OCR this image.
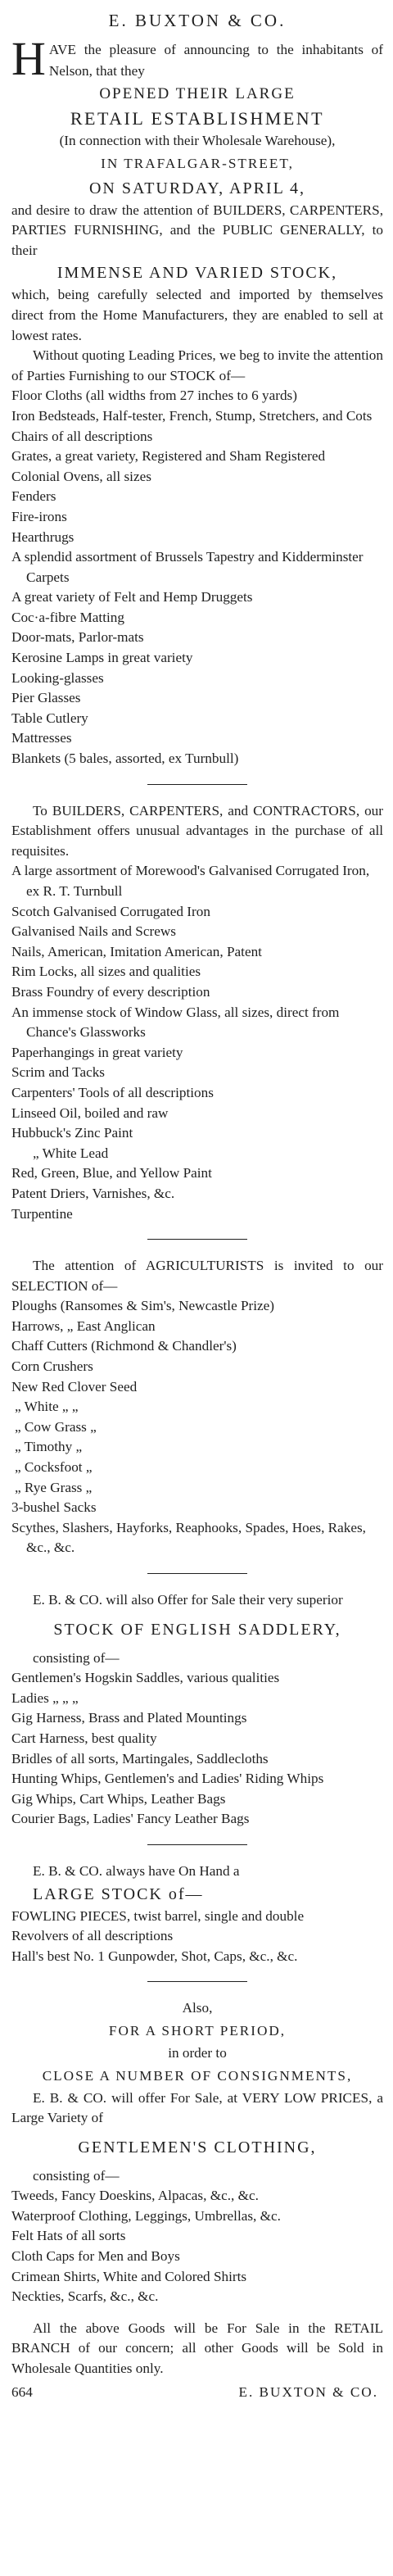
E. BUXTON & CO.
H AVE the pleasure of announcing to the inhabitants of Nelson, that they
OPENED THEIR LARGE
RETAIL ESTABLISHMENT
(In connection with their Wholesale Warehouse),
IN TRAFALGAR-STREET,
ON SATURDAY, APRIL 4,
and desire to draw the attention of BUILDERS, CARPENTERS, PARTIES FURNISHING, and the PUBLIC GENERALLY, to their
IMMENSE AND VARIED STOCK,
which, being carefully selected and imported by themselves direct from the Home Manufacturers, they are enabled to sell at lowest rates.
Without quoting Leading Prices, we beg to invite the attention of Parties Furnishing to our STOCK of—
Floor Cloths (all widths from 27 inches to 6 yards)
Iron Bedsteads, Half-tester, French, Stump, Stretchers, and Cots
Chairs of all descriptions
Grates, a great variety, Registered and Sham Registered
Colonial Ovens, all sizes
Fenders
Fire-irons
Hearthrugs
A splendid assortment of Brussels Tapestry and Kidderminster Carpets
A great variety of Felt and Hemp Druggets
Coc·a-fibre Matting
Door-mats, Parlor-mats
Kerosine Lamps in great variety
Looking-glasses
Pier Glasses
Table Cutlery
Mattresses
Blankets (5 bales, assorted, ex Turnbull)
To BUILDERS, CARPENTERS, and CONTRACTORS, our Establishment offers unusual advantages in the purchase of all requisites.
A large assortment of Morewood's Galvanised Corrugated Iron, ex R. T. Turnbull
Scotch Galvanised Corrugated Iron
Galvanised Nails and Screws
Nails, American, Imitation American, Patent
Rim Locks, all sizes and qualities
Brass Foundry of every description
An immense stock of Window Glass, all sizes, direct from Chance's Glassworks
Paperhangings in great variety
Scrim and Tacks
Carpenters' Tools of all descriptions
Linseed Oil, boiled and raw
Hubbuck's Zinc Paint
„ White Lead
Red, Green, Blue, and Yellow Paint
Patent Driers, Varnishes, &c.
Turpentine
The attention of AGRICULTURISTS is invited to our SELECTION of—
Ploughs (Ransomes & Sim's, Newcastle Prize)
Harrows, „ East Anglican
Chaff Cutters (Richmond & Chandler's)
Corn Crushers
New Red Clover Seed
„ White „ „
„ Cow Grass „
„ Timothy „
„ Cocksfoot „
„ Rye Grass „
3-bushel Sacks
Scythes, Slashers, Hayforks, Reaphooks, Spades, Hoes, Rakes, &c., &c.
E. B. & CO. will also Offer for Sale their very superior
STOCK OF ENGLISH SADDLERY,
consisting of—
Gentlemen's Hogskin Saddles, various qualities
Ladies „ „ „
Gig Harness, Brass and Plated Mountings
Cart Harness, best quality
Bridles of all sorts, Martingales, Saddlecloths
Hunting Whips, Gentlemen's and Ladies' Riding Whips
Gig Whips, Cart Whips, Leather Bags
Courier Bags, Ladies' Fancy Leather Bags
E. B. & CO. always have On Hand a
LARGE STOCK of—
FOWLING PIECES, twist barrel, single and double
Revolvers of all descriptions
Hall's best No. 1 Gunpowder, Shot, Caps, &c., &c.
Also,
FOR A SHORT PERIOD,
in order to
CLOSE A NUMBER OF CONSIGNMENTS,
E. B. & CO. will offer For Sale, at VERY LOW PRICES, a Large Variety of
GENTLEMEN'S CLOTHING,
consisting of—
Tweeds, Fancy Doeskins, Alpacas, &c., &c.
Waterproof Clothing, Leggings, Umbrellas, &c.
Felt Hats of all sorts
Cloth Caps for Men and Boys
Crimean Shirts, White and Colored Shirts
Neckties, Scarfs, &c., &c.
All the above Goods will be For Sale in the RETAIL BRANCH of our concern; all other Goods will be Sold in Wholesale Quantities only.
664	E. BUXTON & CO.
